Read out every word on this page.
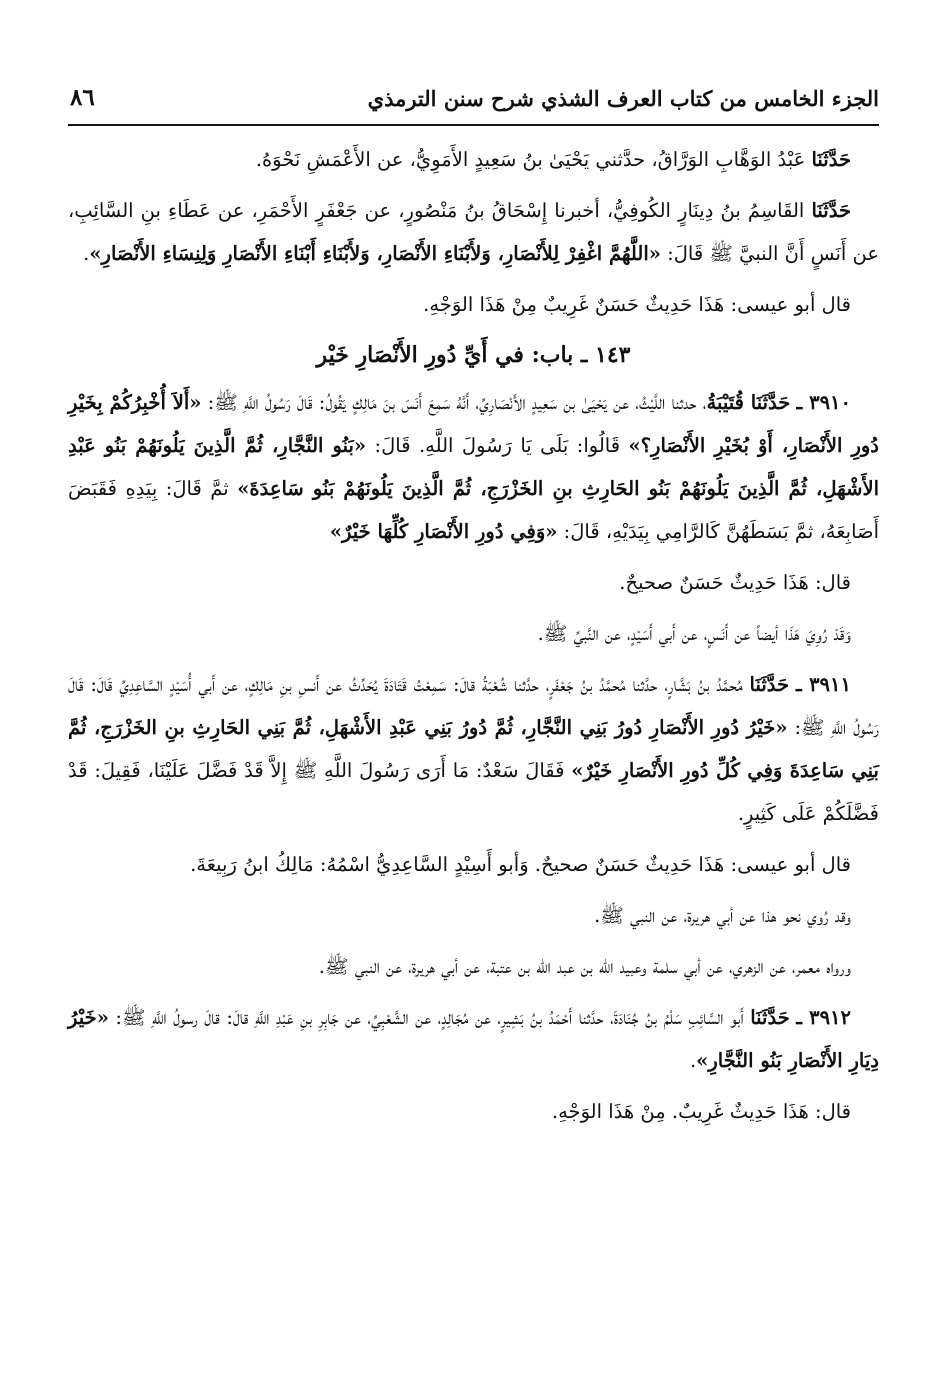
الجزء الخامس من كتاب العرف الشذي شرح سنن الترمذي
٨٦

حَدَّثَنَا عَبْدُ الوَهَّابِ الوَرَّاقُ، حدَّثني يَحْيَىٰ بنُ سَعِيدٍ الأَمَوِيُّ، عن الأَعْمَشِ نَحْوَهُ.

حَدَّثَنَا القَاسِمُ بنُ دِينَارٍ الكُوفِيُّ، أخبرنا إِسْحَاقُ بنُ مَنْصُورٍ، عن جَعْفَرٍ الأَحْمَرِ، عن عَطَاءِ بنِ السَّائِبِ، عن أَنَسٍ أَنَّ النبيَّ ﷺ قَالَ: «اللَّهُمَّ اغْفِرْ لِلأَنْصَارِ، وَلأَبْنَاءِ الأَنْصَارِ، وَلأَبْنَاءِ أَبْنَاءِ الأَنْصَارِ وَلِنِسَاءِ الأَنْصَارِ».

قال أبو عيسى: هَذَا حَدِيثٌ حَسَنٌ غَرِيبٌ مِنْ هَذَا الوَجْهِ.

١٤٣ ـ باب: في أَيِّ دُورِ الأَنْصَارِ خَيْر

٣٩١٠ ـ حَدَّثَنَا قُتَيْبَةُ، حدثنا اللَّيْثُ، عن يَحْيَىٰ بن سَعِيدٍ الأَنْصَارِيِّ، أَنَّهُ سَمِعَ أَنَسَ بنَ مَالِكٍ يَقُولُ: قَالَ رَسُولُ اللَّهِ ﷺ: «أَلاَ أُخْبِرُكُمْ بِخَيْرِ دُورِ الأَنْصَارِ، أَوْ بُخَيْرِ الأَنْصَارِ؟» قَالُوا: بَلَى يَا رَسُولَ اللَّهِ. قَالَ: «بَنُو النَّجَّارِ، ثُمَّ الَّذِينَ يَلُونَهُمْ بَنُو عَبْدِ الأَشْهَلِ، ثُمَّ الَّذِينَ يَلُونَهُمْ بَنُو الحَارِثِ بنِ الخَزْرَجِ، ثُمَّ الَّذِينَ يَلُونَهُمْ بَنُو سَاعِدَةَ» ثمَّ قَالَ: بِيَدِهِ فَقَبَضَ أَصَابِعَهُ، ثمَّ بَسَطَهُنَّ كَالرَّامِي بِيَدَيْهِ، قَالَ: «وَفِي دُورِ الأَنْصَارِ كُلِّهَا خَيْرٌ»

قال: هَذَا حَدِيثٌ حَسَنٌ صحيحٌ.

وَقَدْ رُوِيَ هَذَا أيضاً عن أَنَسٍ، عن أَبي أَسَيْدٍ، عن النَّبيِّ ﷺ.

٣٩١١ ـ حَدَّثَنَا مُحمَّدُ بنُ بَشَّارٍ، حدَّثنا مُحمَّدُ بنُ جَعْفَرٍ، حدَّثنا شُعْبَةُ قالَ: سَمِعْتُ قَتَادَةَ يُحَدِّثُ عن أَنسِ بنِ مَالِكٍ، عن أَبي أُسَيْدٍ السَّاعِدِيِّ قَالَ: قَالَ رَسُولُ اللَّهِ ﷺ: «خَيْرُ دُورِ الأَنْصَارِ دُورُ بَنِي النَّجَّارِ، ثُمَّ دُورُ بَنِي عَبْدِ الأَشْهَلِ، ثُمَّ بَنِي الحَارِثِ بنِ الخَزْرَجِ، ثُمَّ بَنِي سَاعِدَةَ وَفِي كُلِّ دُورِ الأَنْصَارِ خَيْرٌ» فَقَالَ سَعْدٌ: مَا أَرَى رَسُولَ اللَّهِ ﷺ إِلاَّ قَدْ فَضَّلَ عَلَيْنَا، فَقِيلَ: قَدْ فَضَّلَكُمْ عَلَى كَثِيرٍ.

قال أبو عيسى: هَذَا حَدِيثٌ حَسَنٌ صحيحٌ. وَأبو أَسِيْدٍ السَّاعِدِيُّ اسْمُهُ: مَالِكُ ابنُ رَبِيعَةَ.

وقد رُوي نحو هذا عن أبي هريرة، عن النبي ﷺ.

ورواه معمر، عن الزهري، عن أبي سلمة وعبيد الله بن عبد الله بن عتبة، عن أبي هريرة، عن النبي ﷺ.

٣٩١٢ ـ حَدَّثَنَا أَبو السَّائِبِ سَلْمُ بنُ جُنَادَةَ، حدَّثنا أَحْمَدُ بنُ بَشِيرٍ، عن مُجَالِدٍ، عن الشَّعْبِيِّ، عن جَابِرِ بنِ عَبْدِ اللَّهِ قالَ: قالَ رسولُ اللَّهِ ﷺ: «خَيْرُ دِيَارِ الأَنْصَارِ بَنُو النَّجَّارِ».

قال: هَذَا حَدِيثٌ غَرِيبٌ. مِنْ هَذَا الوَجْهِ.
